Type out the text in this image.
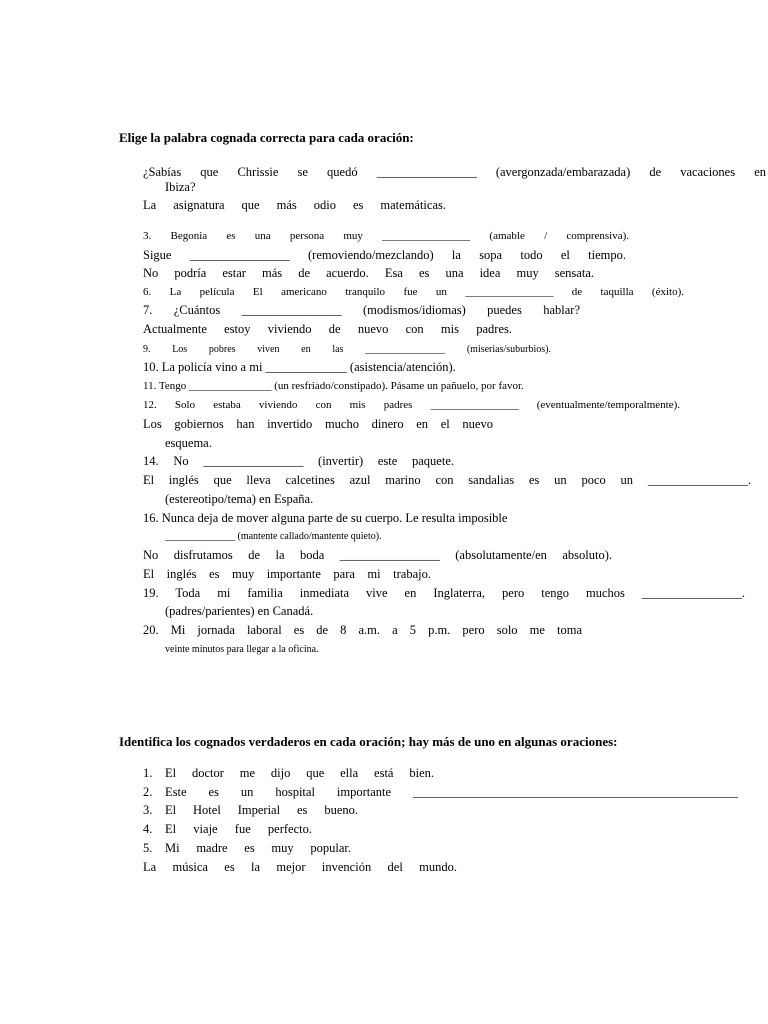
Elige la palabra cognada correcta para cada oración:
¿Sabías que Chrissie se quedó ________________ (avergonzada/embarazada) de vacaciones en
Ibiza?
La asignatura que más odio es matemáticas.
3. Begonia es una persona muy ________________ (amable / comprensiva).
Sigue ________________ (removiendo/mezclando) la sopa todo el tiempo.
No podría estar más de acuerdo. Esa es una idea muy sensata.
6. La película El americano tranquilo fue un ________________ de taquilla (éxito).
7. ¿Cuántos ________________ (modismos/idiomas) puedes hablar?
Actualmente estoy viviendo de nuevo con mis padres.
9. Los pobres viven en las ________________ (miserias/suburbios).
10. La policía vino a mi _____________ (asistencia/atención).
11. Tengo _______________ (un resfriado/constipado). Pásame un pañuelo, por favor.
12. Solo estaba viviendo con mis padres ________________ (eventualmente/temporalmente).
Los gobiernos han invertido mucho dinero en el nuevo
esquema.
14. No ________________ (invertir) este paquete.
El inglés que lleva calcetines azul marino con sandalias es un poco un ________________.
(estereotipo/tema) en España.
16. Nunca deja de mover alguna parte de su cuerpo. Le resulta imposible
______________ (mantente callado/mantente quieto).
No disfrutamos de la boda ________________ (absolutamente/en absoluto).
El inglés es muy importante para mi trabajo.
19. Toda mi familia inmediata vive en Inglaterra, pero tengo muchos ________________.
(padres/parientes) en Canadá.
20. Mi jornada laboral es de 8 a.m. a 5 p.m. pero solo me toma
veinte minutos para llegar a la oficina.
Identifica los cognados verdaderos en cada oración; hay más de uno en algunas oraciones:
1. El doctor me dijo que ella está bien.
2. Este es un hospital importante ____________________________________________________
3. El Hotel Imperial es bueno.
4. El viaje fue perfecto.
5. Mi madre es muy popular.
La música es la mejor invención del mundo.
